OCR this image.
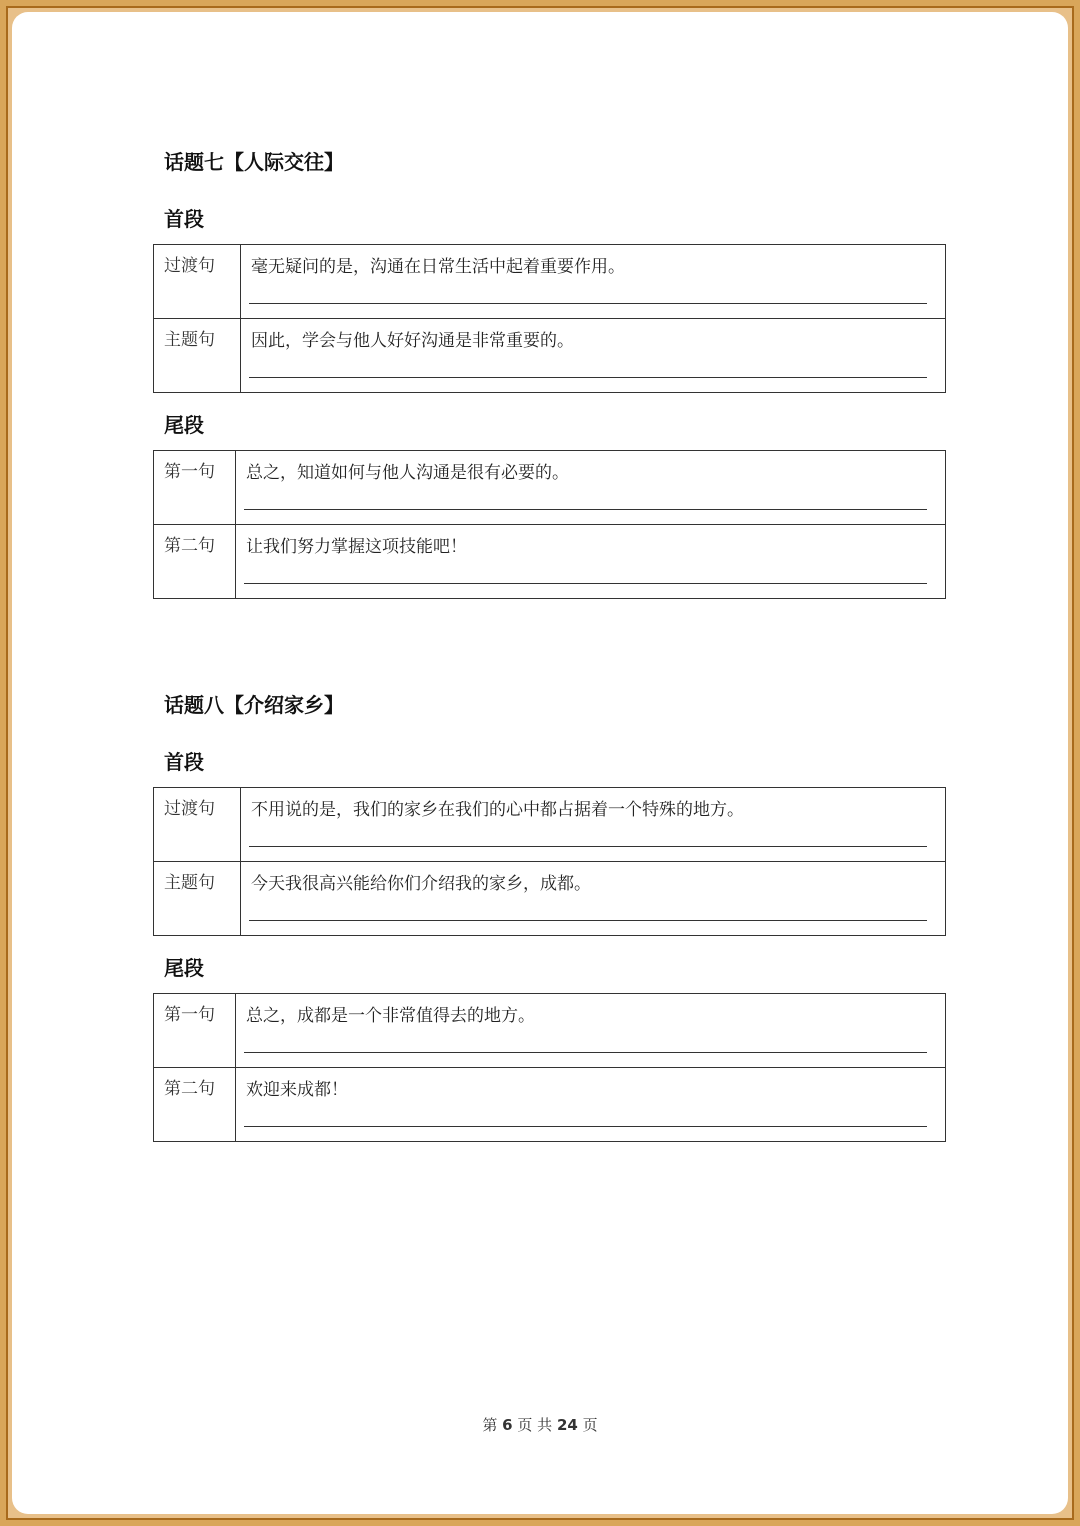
话题七【人际交往】
首段
过渡句	毫无疑问的是，沟通在日常生活中起着重要作用。

主题句	因此，学会与他人好好沟通是非常重要的。
尾段
第一句	总之，知道如何与他人沟通是很有必要的。

第二句	让我们努力掌握这项技能吧！
话题八【介绍家乡】
首段
过渡句	不用说的是，我们的家乡在我们的心中都占据着一个特殊的地方。

主题句	今天我很高兴能给你们介绍我的家乡，成都。
尾段
第一句	总之，成都是一个非常值得去的地方。

第二句	欢迎来成都！
第 6 页 共 24 页
